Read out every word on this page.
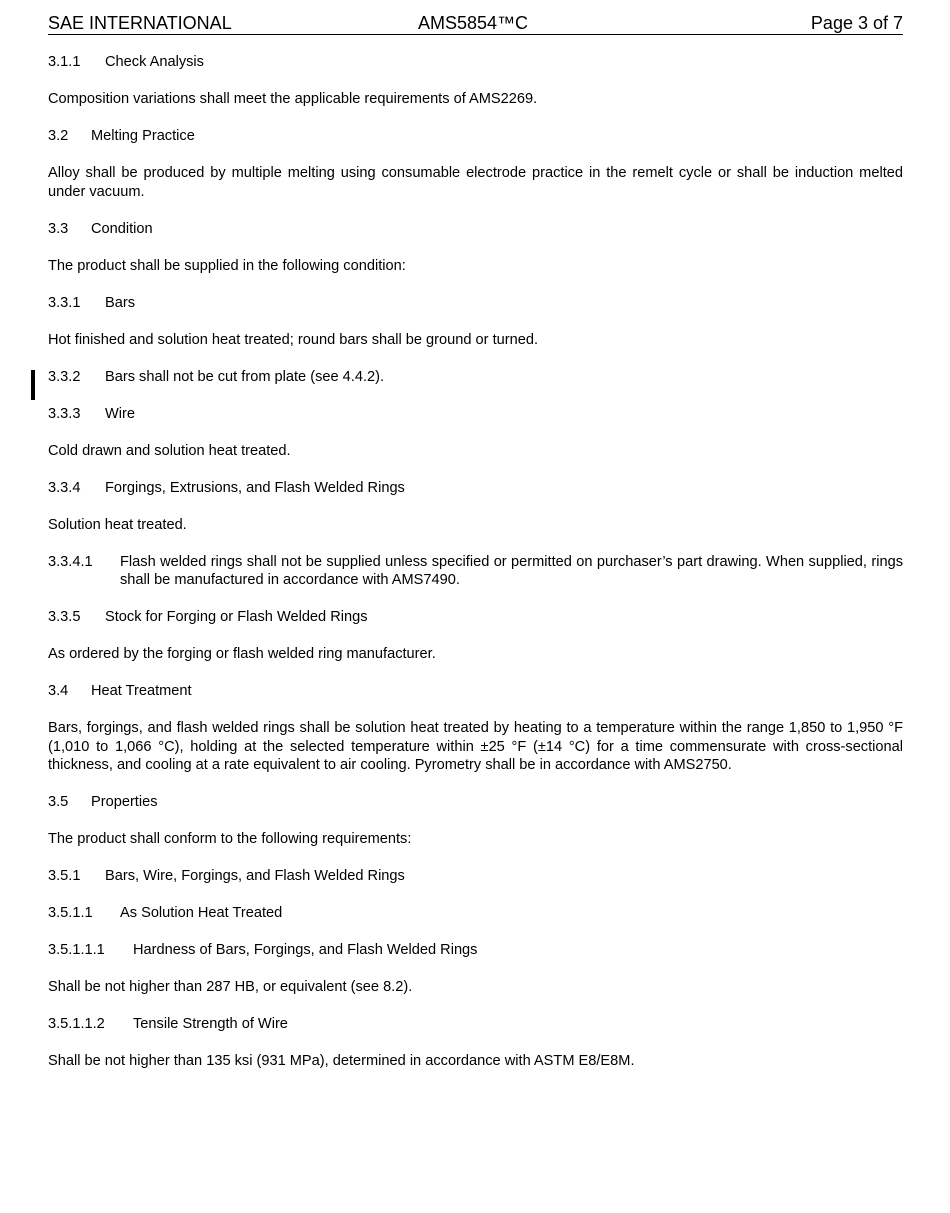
SAE INTERNATIONAL	AMS5854™C	Page 3 of 7
3.1.1 Check Analysis
Composition variations shall meet the applicable requirements of AMS2269.
3.2 Melting Practice
Alloy shall be produced by multiple melting using consumable electrode practice in the remelt cycle or shall be induction melted under vacuum.
3.3 Condition
The product shall be supplied in the following condition:
3.3.1 Bars
Hot finished and solution heat treated; round bars shall be ground or turned.
3.3.2 Bars shall not be cut from plate (see 4.4.2).
3.3.3 Wire
Cold drawn and solution heat treated.
3.3.4 Forgings, Extrusions, and Flash Welded Rings
Solution heat treated.
3.3.4.1	Flash welded rings shall not be supplied unless specified or permitted on purchaser’s part drawing. When supplied, rings shall be manufactured in accordance with AMS7490.
3.3.5 Stock for Forging or Flash Welded Rings
As ordered by the forging or flash welded ring manufacturer.
3.4 Heat Treatment
Bars, forgings, and flash welded rings shall be solution heat treated by heating to a temperature within the range 1,850 to 1,950 °F (1,010 to 1,066 °C), holding at the selected temperature within ±25 °F (±14 °C) for a time commensurate with cross-sectional thickness, and cooling at a rate equivalent to air cooling. Pyrometry shall be in accordance with AMS2750.
3.5 Properties
The product shall conform to the following requirements:
3.5.1 Bars, Wire, Forgings, and Flash Welded Rings
3.5.1.1 As Solution Heat Treated
3.5.1.1.1 Hardness of Bars, Forgings, and Flash Welded Rings
Shall be not higher than 287 HB, or equivalent (see 8.2).
3.5.1.1.2 Tensile Strength of Wire
Shall be not higher than 135 ksi (931 MPa), determined in accordance with ASTM E8/E8M.
